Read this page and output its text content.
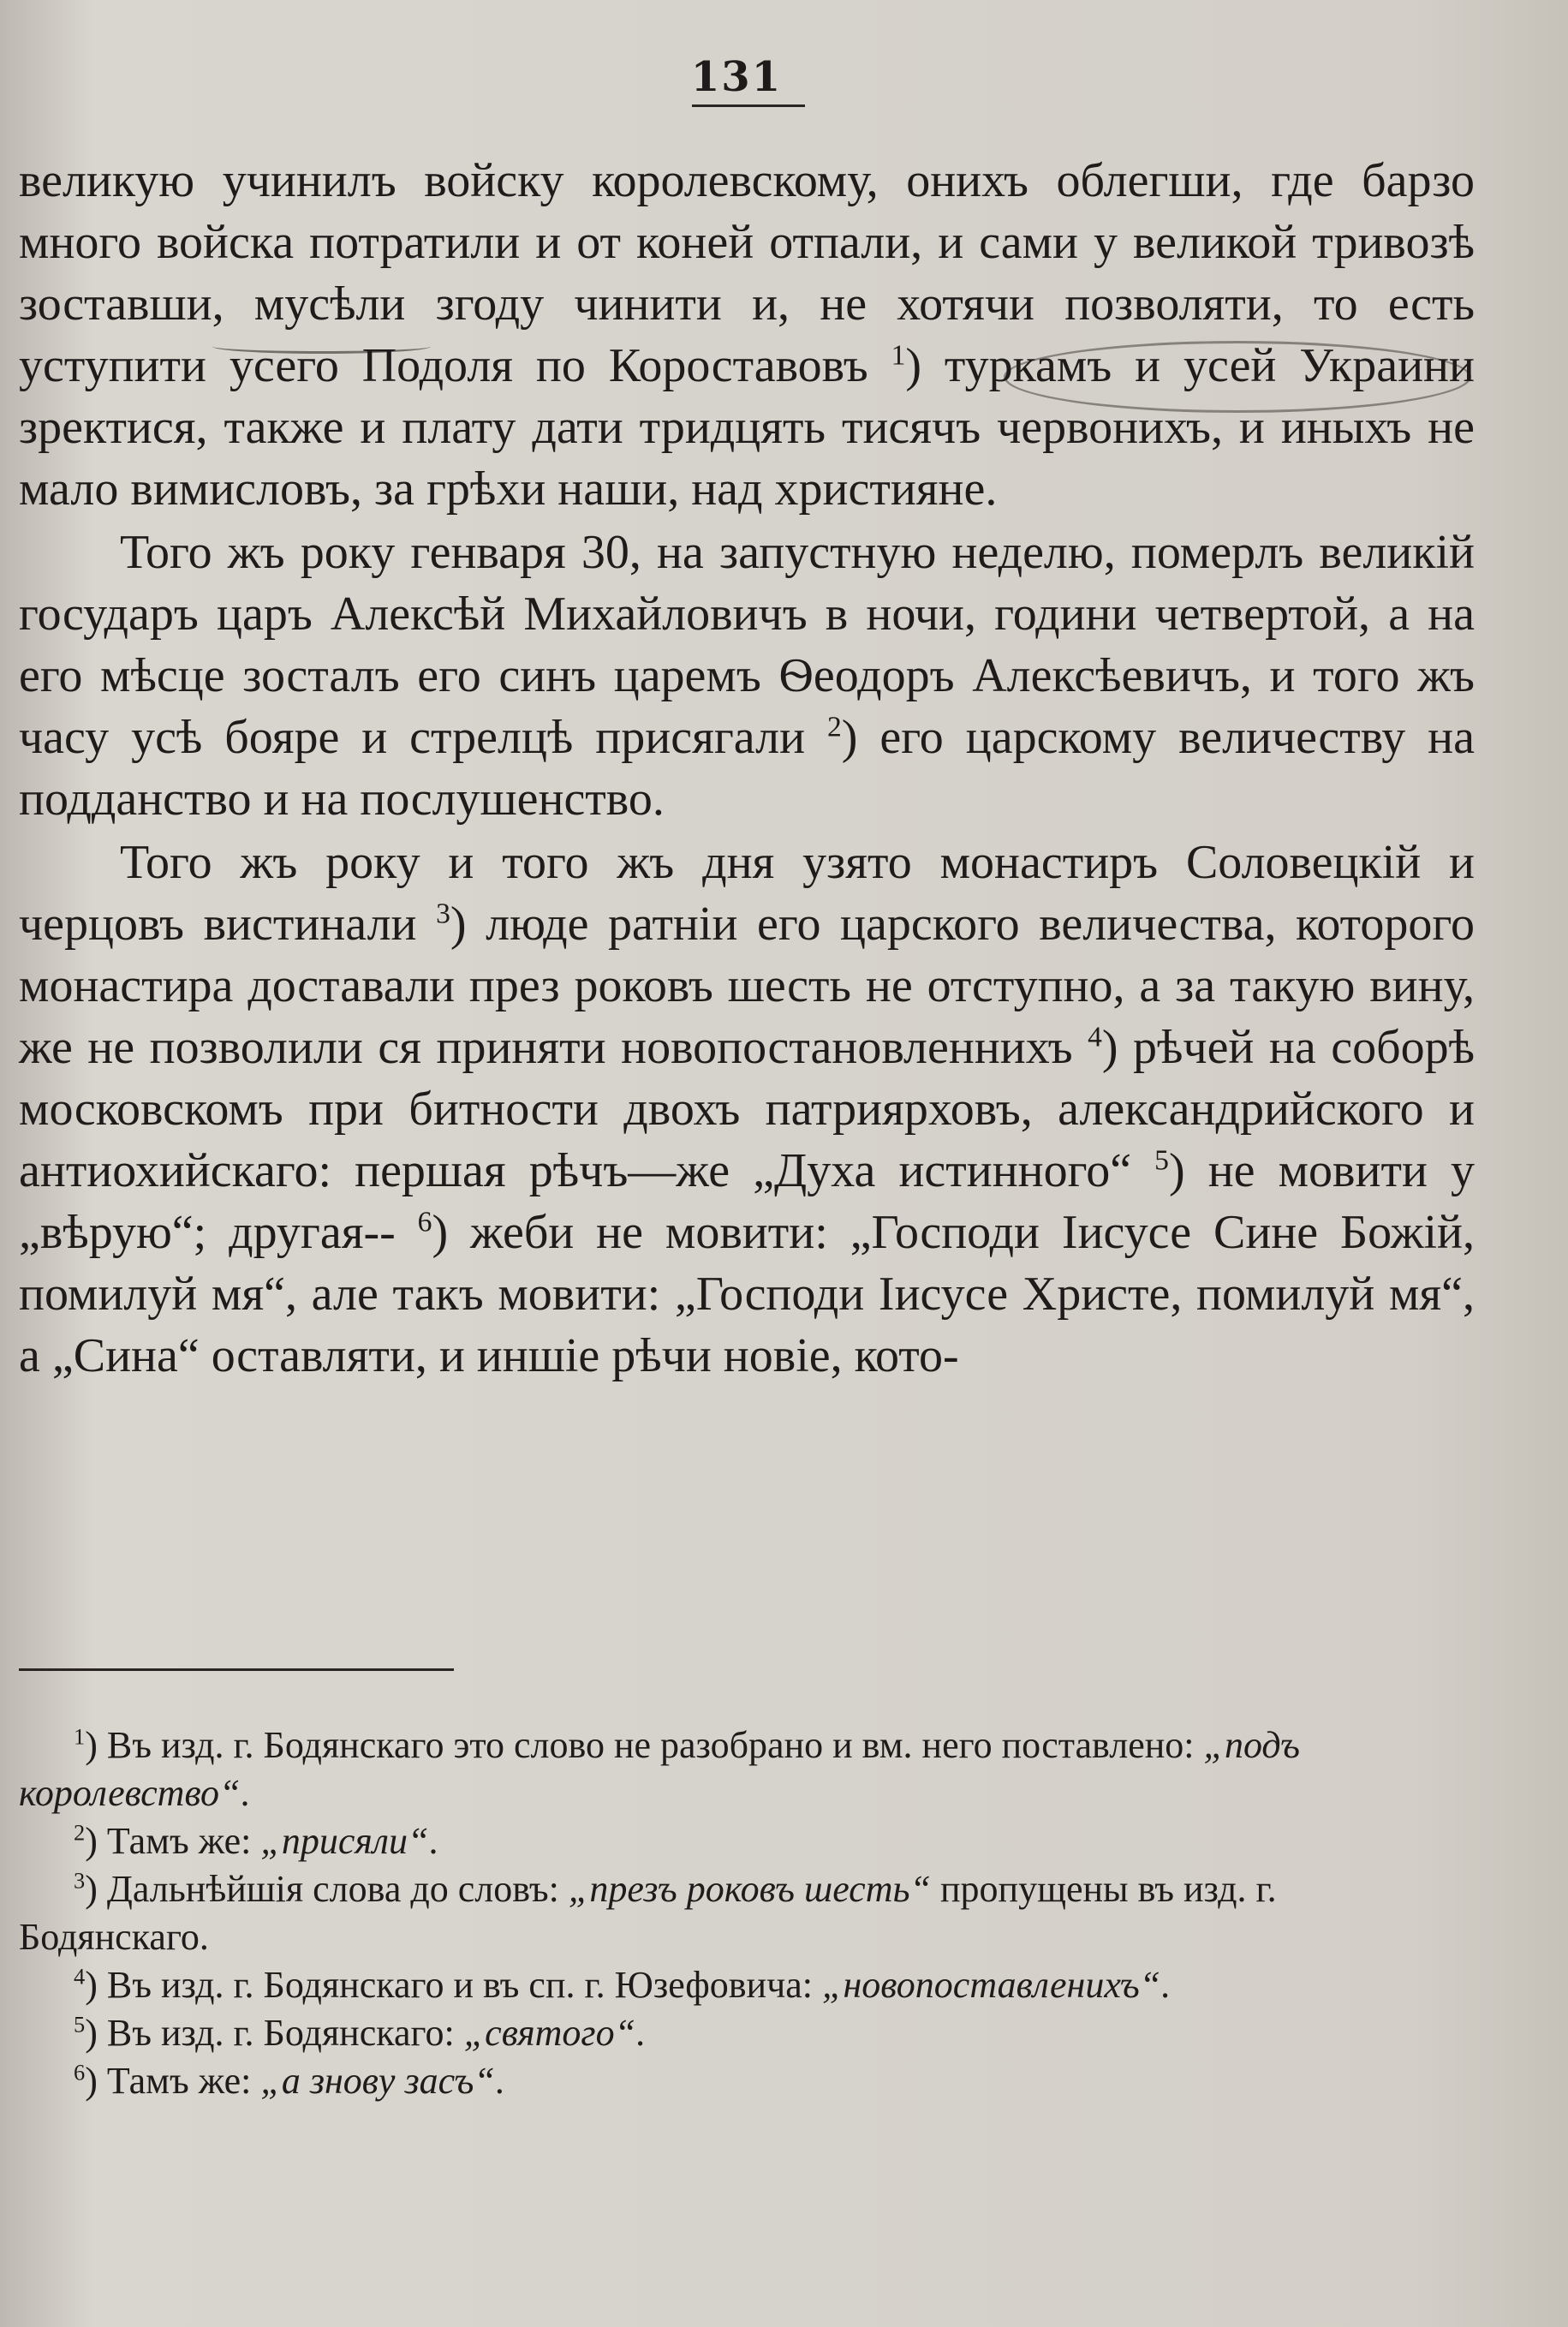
131

великую учинилъ войску королевскому, онихъ облегши, где барзо много войска потратили и от коней отпали, и сами у великой тривозѣ зоставши, мусѣли згоду чинити и, не хотячи позволяти, то есть уступити усего Подоля по Короставовъ $^1$) туркамъ и усей Украини зректися, также и плату дати тридцять тисячъ червонихъ, и иныхъ не мало вимисловъ, за грѣхи наши, над християне.

Того жъ року генваря 30, на запустную неделю, померлъ великій государъ царъ Алексѣй Михайловичъ в ночи, години четвертой, а на его мѣсце зосталъ его синъ царемъ Ѳеодоръ Алексѣевичъ, и того жъ часу усѣ бояре и стрелцѣ присягали $^2$) его царскому величеству на подданство и на послушенство.

Того жъ року и того жъ дня узято монастиръ Соловецкій и черцовъ вистинали $^3$) люде ратніи его царского величества, которого монастира доставали през роковъ шесть не отступно, а за такую вину, же не позволили ся приняти новопостановленнихъ $^4$) рѣчей на соборѣ московскомъ при битности двохъ патриярховъ, александрийского и антиохийскаго: першая рѣчъ—же „Духа истинного“ $^5$) не мовити у „вѣрую“; другая-- $^6$) жеби не мовити: „Господи Іисусе Сине Божій, помилуй мя“, але такъ мовити: „Господи Іисусе Христе, помилуй мя“, а „Сина“ оставляти, и иншіе рѣчи новіе, кото-

$^1$) Въ изд. г. Бодянскаго это слово не разобрано и вм. него поставлено: „подъ королевство“.

$^2$) Тамъ же: „присяли“.

$^3$) Дальнѣйшія слова до словъ: „презъ роковъ шесть“ пропущены въ изд. г. Бодянскаго.

$^4$) Въ изд. г. Бодянскаго и въ сп. г. Юзефовича: „новопоставленихъ“.

$^5$) Въ изд. г. Бодянскаго: „святого“.

$^6$) Тамъ же: „а знову засъ“.
